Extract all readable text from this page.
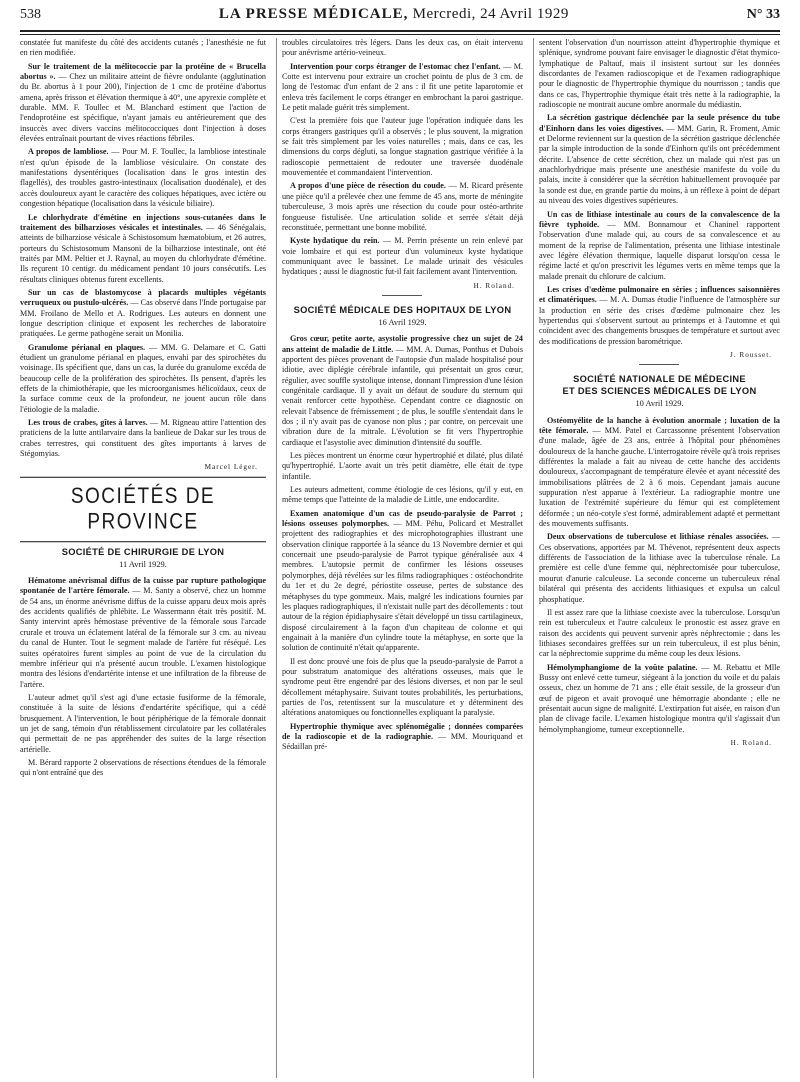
538	LA PRESSE MÉDICALE, Mercredi, 24 Avril 1929	N° 33

constatée fut manifeste du côté des accidents cutanés ; l'anesthésie ne fut en rien modifiée.

Sur le traitement de la mélitococcie par la protéine de « Brucella abortus ». — Chez un militaire atteint de fièvre ondulante (agglutination du Br. abortus à 1 pour 200), l'injection de 1 cmc de protéine d'abortus amena, après frisson et élévation thermique à 40°, une apyrexie complète et durable. MM. F. Toullec et M. Blanchard estiment que l'action de l'endoprotéine est spécifique, n'ayant jamais eu antérieurement que des insuccès avec divers vaccins mélitococciques dont l'injection à doses élevées entraînait pourtant de vives réactions fébriles.

A propos de lambliose. — Pour M. F. Toullec, la lambliose intestinale n'est qu'un épisode de la lambliose vésiculaire. On constate des manifestations dysentériques (localisation dans le gros intestin des flagellés), des troubles gastro-intestinaux (localisation duodénale), et des accès douloureux ayant le caractère des coliques hépatiques, avec ictère ou congestion hépatique (localisation dans la vésicule biliaire).

Le chlorhydrate d'émétine en injections sous-cutanées dans le traitement des bilharzioses vésicales et intestinales. — 46 Sénégalais, atteints de bilharziose vésicale à Schistosomum hæmatobium, et 26 autres, porteurs du Schistosomum Mansoni de la bilharziose intestinale, ont été traités par MM. Peltier et J. Raynal, au moyen du chlorhydrate d'émétine. Ils reçurent 10 centigr. du médicament pendant 10 jours consécutifs. Les résultats cliniques obtenus furent excellents.

Sur un cas de blastomycose à placards multiples végétants verruqueux ou pustulo-ulcérés. — Cas observé dans l'Inde portugaise par MM. Froilano de Mello et A. Rodrigues. Les auteurs en donnent une longue description clinique et exposent les recherches de laboratoire pratiquées. Le germe pathogène serait un Monilia.

Granulome périanal en plaques. — MM. G. Delamare et C. Gatti étudient un granulome périanal en plaques, envahi par des spirochètes du voisinage. Ils spécifient que, dans un cas, la durée du granulome excéda de beaucoup celle de la prolifération des spirochètes. Ils pensent, d'après les effets de la chimiothérapie, que les microorganismes hélicoïdaux, ceux de la surface comme ceux de la profondeur, ne jouent aucun rôle dans l'étiologie de la maladie.

Les trous de crabes, gîtes à larves. — M. Rigneau attire l'attention des praticiens de la lutte antilarvaire dans la banlieue de Dakar sur les trous de crabes terrestres, qui constituent des gîtes importants à larves de Stégomyias.

Marcel Léger.
SOCIÉTÉS DE PROVINCE
SOCIÉTÉ DE CHIRURGIE DE LYON
11 Avril 1929.

Hématome anévrismal diffus de la cuisse par rupture pathologique spontanée de l'artère fémorale. — M. Santy a observé, chez un homme de 54 ans, un énorme anévrisme diffus de la cuisse apparu deux mois après des accidents qualifiés de phlébite. Le Wassermann était très positif. M. Santy intervint après hémostase préventive de la fémorale sous l'arcade crurale et trouva un éclatement latéral de la fémorale sur 3 cm. au niveau du canal de Hunter. Tout le segment malade de l'artère fut réséqué. Les suites opératoires furent simples au point de vue de la circulation du membre inférieur qui n'a présenté aucun trouble. L'examen histologique montra des lésions d'endartérite intense et une infiltration de la fibreuse de l'artère.

L'auteur admet qu'il s'est agi d'une ectasie fusiforme de la fémorale, constituée à la suite de lésions d'endartérite spécifique, qui a cédé brusquement. A l'intervention, le bout périphérique de la fémorale donnait un jet de sang, témoin d'un rétablissement circulatoire par les collatérales qui permettait de ne pas appréhender des suites de la large résection artérielle.

M. Bérard rapporte 2 observations de résections étendues de la fémorale qui n'ont entraîné que des

troubles circulatoires très légers. Dans les deux cas, on était intervenu pour anévrisme artério-veineux.

Intervention pour corps étranger de l'estomac chez l'enfant. — M. Cotte est intervenu pour extraire un crochet pointu de plus de 3 cm. de long de l'estomac d'un enfant de 2 ans : il fit une petite laparotomie et enleva très facilement le corps étranger en embrochant la paroi gastrique. Le petit malade guérit très simplement.

C'est la première fois que l'auteur juge l'opération indiquée dans les corps étrangers gastriques qu'il a observés ; le plus souvent, la migration se fait très simplement par les voies naturelles ; mais, dans ce cas, les dimensions du corps dégluti, sa longue stagnation gastrique vérifiée à la radioscopie permettaient de redouter une traversée duodénale mouvementée et commandaient l'intervention.

A propos d'une pièce de résection du coude. — M. Ricard présente une pièce qu'il a prélevée chez une femme de 45 ans, morte de méningite tuberculeuse, 3 mois après une résection du coude pour ostéo-arthrite fongueuse fistulisée. Une articulation solide et serrée s'était déjà reconstituée, permettant une bonne mobilité.

Kyste hydatique du rein. — M. Perrin présente un rein enlevé par voie lombaire et qui est porteur d'un volumineux kyste hydatique communiquant avec le bassinet. Le malade urinait des vésicules hydatiques ; aussi le diagnostic fut-il fait facilement avant l'intervention.

H. Roland.
SOCIÉTÉ MÉDICALE DES HOPITAUX DE LYON
16 Avril 1929.

Gros cœur, petite aorte, asystolie progressive chez un sujet de 24 ans atteint de maladie de Little. — MM. A. Dumas, Ponthus et Dubois apportent des pièces provenant de l'autopsie d'un malade hospitalisé pour idiotie, avec diplégie cérébrale infantile, qui présentait un gros cœur, régulier, avec souffle systolique intense, donnant l'impression d'une lésion congénitale cardiaque. Il y avait un défaut de soudure du sternum qui venait renforcer cette hypothèse. Cependant contre ce diagnostic on relevait l'absence de frémissement ; de plus, le souffle s'entendait dans le dos ; il n'y avait pas de cyanose non plus ; par contre, on percevait une vibration dure de la mitrale. L'évolution se fit vers l'hypertrophie cardiaque et l'asystolie avec diminution d'intensité du souffle.

Les pièces montrent un énorme cœur hypertrophié et dilaté, plus dilaté qu'hypertrophié. L'aorte avait un très petit diamètre, elle était de type infantile.

Les auteurs admettent, comme étiologie de ces lésions, qu'il y eut, en même temps que l'atteinte de la maladie de Little, une endocardite.

Examen anatomique d'un cas de pseudo-paralysie de Parrot ; lésions osseuses polymorphes. — MM. Péhu, Policard et Mestrallet projettent des radiographies et des microphotographies illustrant une observation clinique rapportée à la séance du 13 Novembre dernier et qui concernait une pseudo-paralysie de Parrot typique généralisée aux 4 membres. L'autopsie permit de confirmer les lésions osseuses polymorphes, déjà révélées sur les films radiographiques : ostéochondrite du 1er et du 2e degré, périostite osseuse, pertes de substance des métaphyses du type gommeux. Mais, malgré les indications fournies par les plaques radiographiques, il n'existait nulle part des décollements : tout autour de la région épidiaphysaire s'était développé un tissu cartilagineux, disposé circulairement à la façon d'un chapiteau de colonne et qui engainait à la manière d'un cylindre toute la métaphyse, en sorte que la solution de continuité n'était qu'apparente.

Il est donc prouvé une fois de plus que la pseudo-paralysie de Parrot a pour substratum anatomique des altérations osseuses, mais que le syndrome peut être engendré par des lésions diverses, et non par le seul décollement métaphysaire. Suivant toutes probabilités, les perturbations, parties de l'os, retentissent sur la musculature et y déterminent des altérations anatomiques ou fonctionnelles expliquant la paralysie.

Hypertrophie thymique avec splénomégalie ; données comparées de la radioscopie et de la radiographie. — MM. Mouriquand et Sédaillan pré-

sentent l'observation d'un nourrisson atteint d'hypertrophie thymique et splénique, syndrome pouvant faire envisager le diagnostic d'état thymico-lymphatique de Paltauf, mais il insistent surtout sur les données discordantes de l'examen radioscopique et de l'examen radiographique pour le diagnostic de l'hypertrophie thymique du nourrisson ; tandis que dans ce cas, l'hypertrophie thymique était très nette à la radiographie, la radioscopie ne montrait aucune ombre anormale du médiastin.

La sécrétion gastrique déclenchée par la seule présence du tube d'Einhorn dans les voies digestives. — MM. Garin, R. Froment, Amic et Delorme reviennent sur la question de la sécrétion gastrique déclenchée par la simple introduction de la sonde d'Einhorn qu'ils ont précédemment décrite. L'absence de cette sécrétion, chez un malade qui n'est pas un anachlorhydrique mais présente une anesthésie manifeste du voile du palais, incite à considérer que la sécrétion habituellement provoquée par la sonde est due, en grande partie du moins, à un réflexe à point de départ au niveau des voies digestives supérieures.

Un cas de lithiase intestinale au cours de la convalescence de la fièvre typhoïde. — MM. Bonnamour et Chaninel rapportent l'observation d'une malade qui, au cours de sa convalescence et au moment de la reprise de l'alimentation, présenta une lithiase intestinale avec légère élévation thermique, laquelle disparut lorsqu'on cessa le régime lacté et qu'on prescrivit les légumes verts en même temps que la malade prenait du chlorure de calcium.

Les crises d'œdème pulmonaire en séries ; influences saisonnières et climatériques. — M. A. Dumas étudie l'influence de l'atmosphère sur la production en série des crises d'œdème pulmonaire chez les hypertendus qui s'observent surtout au printemps et à l'automne et qui coïncident avec des changements brusques de température et surtout avec des modifications de pression barométrique.

J. Rousset.
SOCIÉTÉ NATIONALE DE MÉDECINE
ET DES SCIENCES MÉDICALES DE LYON
10 Avril 1929.

Ostéomyélite de la hanche à évolution anormale ; luxation de la tête fémorale. — MM. Patel et Carcassonne présentent l'observation d'une malade, âgée de 23 ans, entrée à l'hôpital pour phénomènes douloureux de la hanche gauche. L'interrogatoire révèle qu'à trois reprises différentes la malade a fait au niveau de cette hanche des accidents douloureux, s'accompagnant de température élevée et ayant nécessité des immobilisations plâtrées de 2 à 6 mois. Cependant jamais aucune suppuration n'est apparue à l'extérieur. La radiographie montre une luxation de l'extrémité supérieure du fémur qui est complètement déformée ; un néo-cotyle s'est formé, admirablement adapté et permettant des mouvements suffisants.

Deux observations de tuberculose et lithiase rénales associées. — Ces observations, apportées par M. Thévenot, représentent deux aspects différents de l'association de la lithiase avec la tuberculose rénale. La première est celle d'une femme qui, néphrectomisée pour tuberculose, mourut d'anurie calculeuse. La seconde concerne un tuberculeux rénal bilatéral qui présenta des accidents lithiasiques et expulsa un calcul phosphatique.

Il est assez rare que la lithiase coexiste avec la tuberculose. Lorsqu'un rein est tuberculeux et l'autre calculeux le pronostic est assez grave en raison des accidents qui peuvent survenir après néphrectomie ; dans les lithiases secondaires greffées sur un rein tuberculeux, il est plus bénin, car la néphrectomie supprime du même coup les deux lésions.

Hémolymphangiome de la voûte palatine. — M. Rebattu et Mlle Bussy ont enlevé cette tumeur, siégeant à la jonction du voile et du palais osseux, chez un homme de 71 ans ; elle était sessile, de la grosseur d'un œuf de pigeon et avait provoqué une hémorragie abondante ; elle ne présentait aucun signe de malignité. L'extirpation fut aisée, en raison d'un plan de clivage facile. L'examen histologique montra qu'il s'agissait d'un hémolymphangiome, tumeur exceptionnelle.

H. Roland.
